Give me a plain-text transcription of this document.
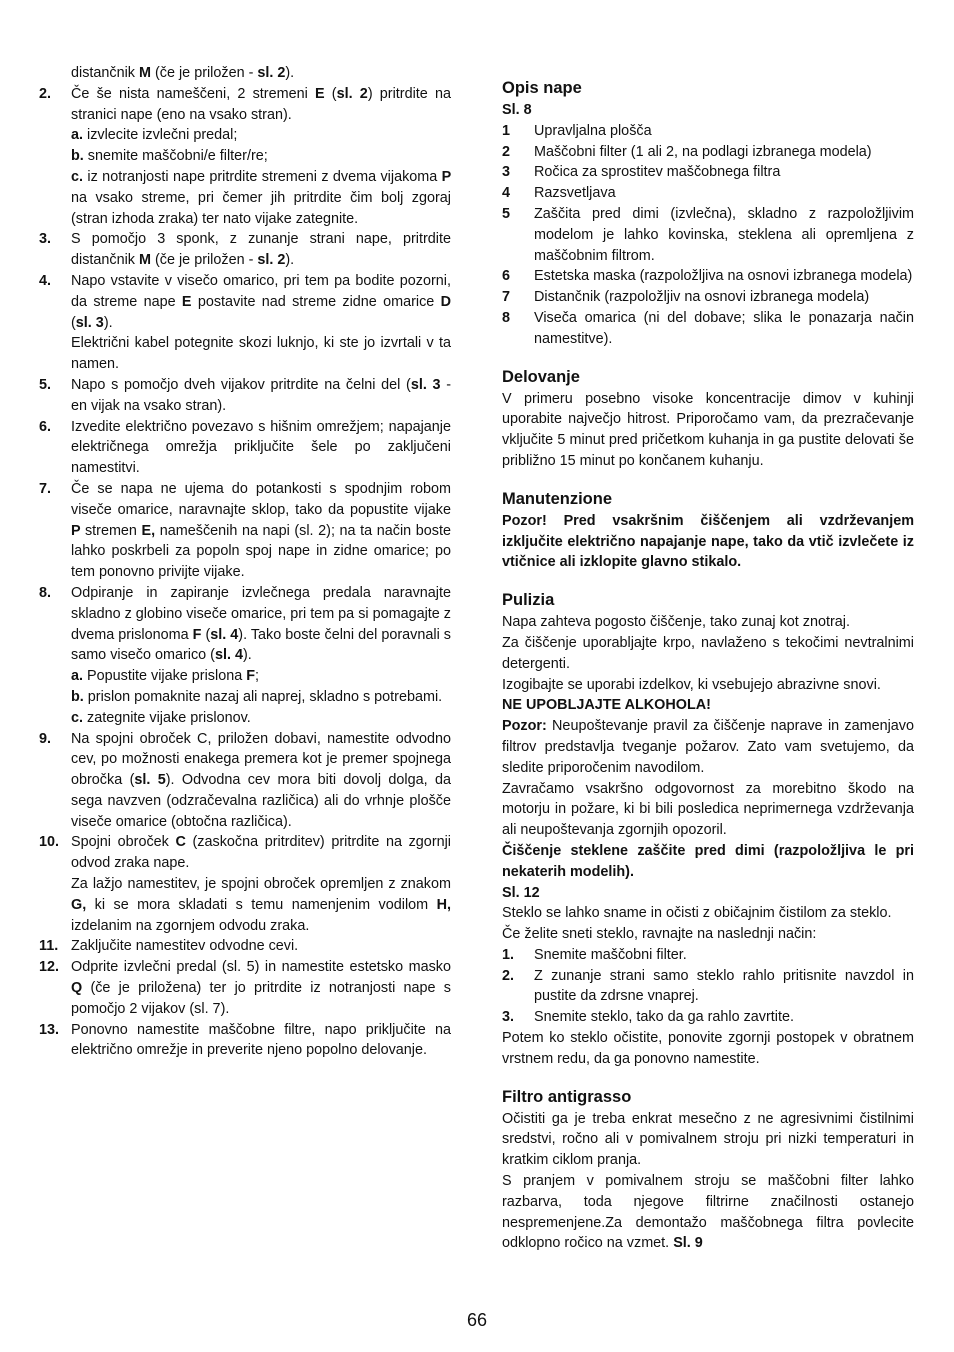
distančnik M (če je priložen - sl. 2).
2.	Če še nista nameščeni, 2 stremeni E (sl. 2) pritrdite na stranici nape (eno na vsako stran).
a. izvlecite izvlečni predal;
b. snemite maščobni/e filter/re;
c. iz notranjosti nape pritrdite stremeni z dvema vijakoma P na vsako streme, pri čemer jih pritrdite čim bolj zgoraj (stran izhoda zraka) ter nato vijake zategnite.
3.	S pomočjo 3 sponk, z zunanje strani nape, pritrdite distančnik M (če je priložen - sl. 2).
4.	Napo vstavite v visečo omarico, pri tem pa bodite pozorni, da streme nape E postavite nad streme zidne omarice D (sl. 3).
Električni kabel potegnite skozi luknjo, ki ste jo izvrtali v ta namen.
5.	Napo s pomočjo dveh vijakov pritrdite na čelni del (sl. 3 - en vijak na vsako stran).
6.	Izvedite električno povezavo s hišnim omrežjem; napajanje električnega omrežja priključite šele po zaključeni namestitvi.
7.	Če se napa ne ujema do potankosti s spodnjim robom viseče omarice, naravnajte sklop, tako da popustite vijake P stremen E, nameščenih na napi (sl. 2); na ta način boste lahko poskrbeli za popoln spoj nape in zidne omarice; po tem ponovno privijte vijake.
8.	Odpiranje in zapiranje izvlečnega predala naravnajte skladno z globino viseče omarice, pri tem pa si pomagajte z dvema prislonoma F (sl. 4). Tako boste čelni del poravnali s samo visečo omarico (sl. 4).
a. Popustite vijake prislona F;
b. prislon pomaknite nazaj ali naprej, skladno s potrebami.
c. zategnite vijake prislonov.
9.	Na spojni obroček C, priložen dobavi, namestite odvodno cev, po možnosti enakega premera kot je premer spojnega obročka (sl. 5). Odvodna cev mora biti dovolj dolga, da sega navzven (odzračevalna različica) ali do vrhnje plošče viseče omarice (obtočna različica).
10. Spojni obroček C (zaskočna pritrditev) pritrdite na zgornji odvod zraka nape.
Za lažjo namestitev, je spojni obroček opremljen z znakom G, ki se mora skladati s temu namenjenim vodilom H, izdelanim na zgornjem odvodu zraka.
11. Zaključite namestitev odvodne cevi.
12. Odprite izvlečni predal (sl. 5) in namestite estetsko masko Q (če je priložena) ter jo pritrdite iz notranjosti nape s pomočjo 2 vijakov (sl. 7).
13. Ponovno namestite maščobne filtre, napo priključite na električno omrežje in preverite njeno popolno delovanje.
Opis nape
Sl. 8
1	Upravljalna plošča
2	Maščobni filter (1 ali 2, na podlagi izbranega modela)
3	Ročica za sprostitev maščobnega filtra
4	Razsvetljava
5	Zaščita pred dimi (izvlečna), skladno z razpoložljivim modelom je lahko kovinska, steklena ali opremljena z maščobnim filtrom.
6	Estetska maska (razpoložljiva na osnovi izbranega modela)
7	Distančnik (razpoložljiv na osnovi izbranega modela)
8	Viseča omarica (ni del dobave; slika le ponazarja način namestitve).
Delovanje

V primeru posebno visoke koncentracije dimov v kuhinji uporabite največjo hitrost. Priporočamo vam, da prezračevanje vključite 5 minut pred pričetkom kuhanja in ga pustite delovati še približno 15 minut po končanem kuhanju.

Manutenzione

Pozor! Pred vsakršnim čiščenjem ali vzdrževanjem izključite električno napajanje nape, tako da vtič izvlečete iz vtičnice ali izklopite glavno stikalo.

Pulizia

Napa zahteva pogosto čiščenje, tako zunaj kot znotraj.

Za čiščenje uporabljajte krpo, navlaženo s tekočimi nevtralnimi detergenti.

Izogibajte se uporabi izdelkov, ki vsebujejo abrazivne snovi.

NE UPOBLJAJTE ALKOHOLA!

Pozor: Neupoštevanje pravil za čiščenje naprave in zamenjavo filtrov predstavlja tveganje požarov. Zato vam svetujemo, da sledite priporočenim navodilom.

Zavračamo vsakršno odgovornost za morebitno škodo na motorju in požare, ki bi bili posledica neprimernega vzdrževanja ali neupoštevanja zgornjih opozoril.

Čiščenje steklene zaščite pred dimi (razpoložljiva le pri nekaterih modelih).

Sl. 12

Steklo se lahko sname in očisti z običajnim čistilom za steklo.

Če želite sneti steklo, ravnajte na naslednji način:

1.	Snemite maščobni filter.
2.	Z zunanje strani samo steklo rahlo pritisnite navzdol in pustite da zdrsne vnaprej.
3.	Snemite steklo, tako da ga rahlo zavrtite.

Potem ko steklo očistite, ponovite zgornji postopek v obratnem vrstnem redu, da ga ponovno namestite.

Filtro antigrasso

Očistiti ga je treba enkrat mesečno z ne agresivnimi čistilnimi sredstvi, ročno ali v pomivalnem stroju pri nizki temperaturi in kratkim ciklom pranja.

S pranjem v pomivalnem stroju se maščobni filter lahko razbarva, toda njegove filtrirne značilnosti ostanejo nespremenjene.Za demontažo maščobnega filtra povlecite odklopno ročico na vzmet. Sl. 9

66
